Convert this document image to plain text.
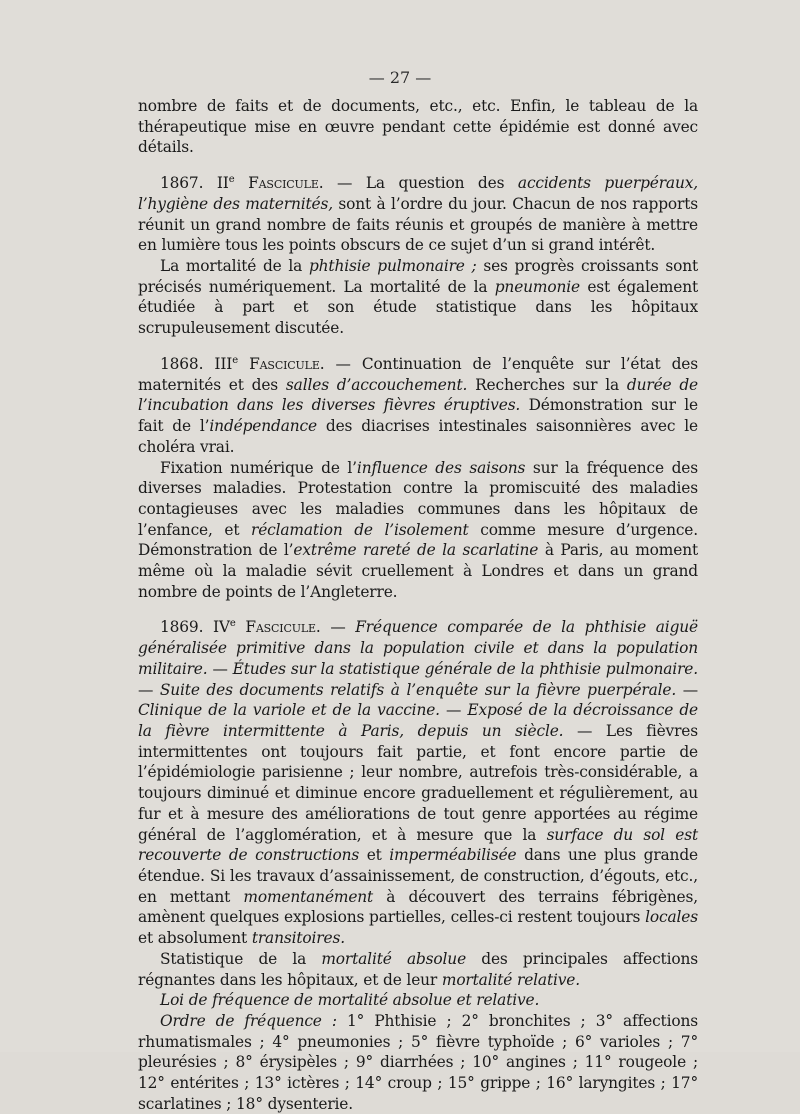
— 27 —

nombre de faits et de documents, etc., etc. Enfin, le tableau de la thérapeutique mise en œuvre pendant cette épidémie est donné avec détails.

1867. IIe Fascicule. — La question des accidents puerpéraux, l’hygiène des maternités, sont à l’ordre du jour. Chacun de nos rapports réunit un grand nombre de faits réunis et groupés de manière à mettre en lumière tous les points obscurs de ce sujet d’un si grand intérêt.

La mortalité de la phthisie pulmonaire ; ses progrès croissants sont précisés numériquement. La mortalité de la pneumonie est également étudiée à part et son étude statistique dans les hôpitaux scrupuleusement discutée.

1868. IIIe Fascicule. — Continuation de l’enquête sur l’état des maternités et des salles d’accouchement. Recherches sur la durée de l’incubation dans les diverses fièvres éruptives. Démonstration sur le fait de l’indépendance des diacrises intestinales saisonnières avec le choléra vrai.

Fixation numérique de l’influence des saisons sur la fréquence des diverses maladies. Protestation contre la promiscuité des maladies contagieuses avec les maladies communes dans les hôpitaux de l’enfance, et réclamation de l’isolement comme mesure d’urgence. Démonstration de l’extrême rareté de la scarlatine à Paris, au moment même où la maladie sévit cruellement à Londres et dans un grand nombre de points de l’Angleterre.

1869. IVe Fascicule. — Fréquence comparée de la phthisie aiguë généralisée primitive dans la population civile et dans la population militaire. — Études sur la statistique générale de la phthisie pulmonaire. — Suite des documents relatifs à l’enquête sur la fièvre puerpérale. — Clinique de la variole et de la vaccine. — Exposé de la décroissance de la fièvre intermittente à Paris, depuis un siècle. — Les fièvres intermittentes ont toujours fait partie, et font encore partie de l’épidémiologie parisienne ; leur nombre, autrefois très-considérable, a toujours diminué et diminue encore graduellement et régulièrement, au fur et à mesure des améliorations de tout genre apportées au régime général de l’agglomération, et à mesure que la surface du sol est recouverte de constructions et imperméabilisée dans une plus grande étendue. Si les travaux d’assainissement, de construction, d’égouts, etc., en mettant momentanément à découvert des terrains fébrigènes, amènent quelques explosions partielles, celles-ci restent toujours locales et absolument transitoires.

Statistique de la mortalité absolue des principales affections régnantes dans les hôpitaux, et de leur mortalité relative.

Loi de fréquence de mortalité absolue et relative.

Ordre de fréquence : 1° Phthisie ; 2° bronchites ; 3° affections rhumatismales ; 4° pneumonies ; 5° fièvre typhoïde ; 6° varioles ; 7° pleurésies ; 8° érysipèles ; 9° diarrhées ; 10° angines ; 11° rougeole ; 12° entérites ; 13° ictères ; 14° croup ; 15° grippe ; 16° laryngites ; 17° scarlatines ; 18° dysenterie.
